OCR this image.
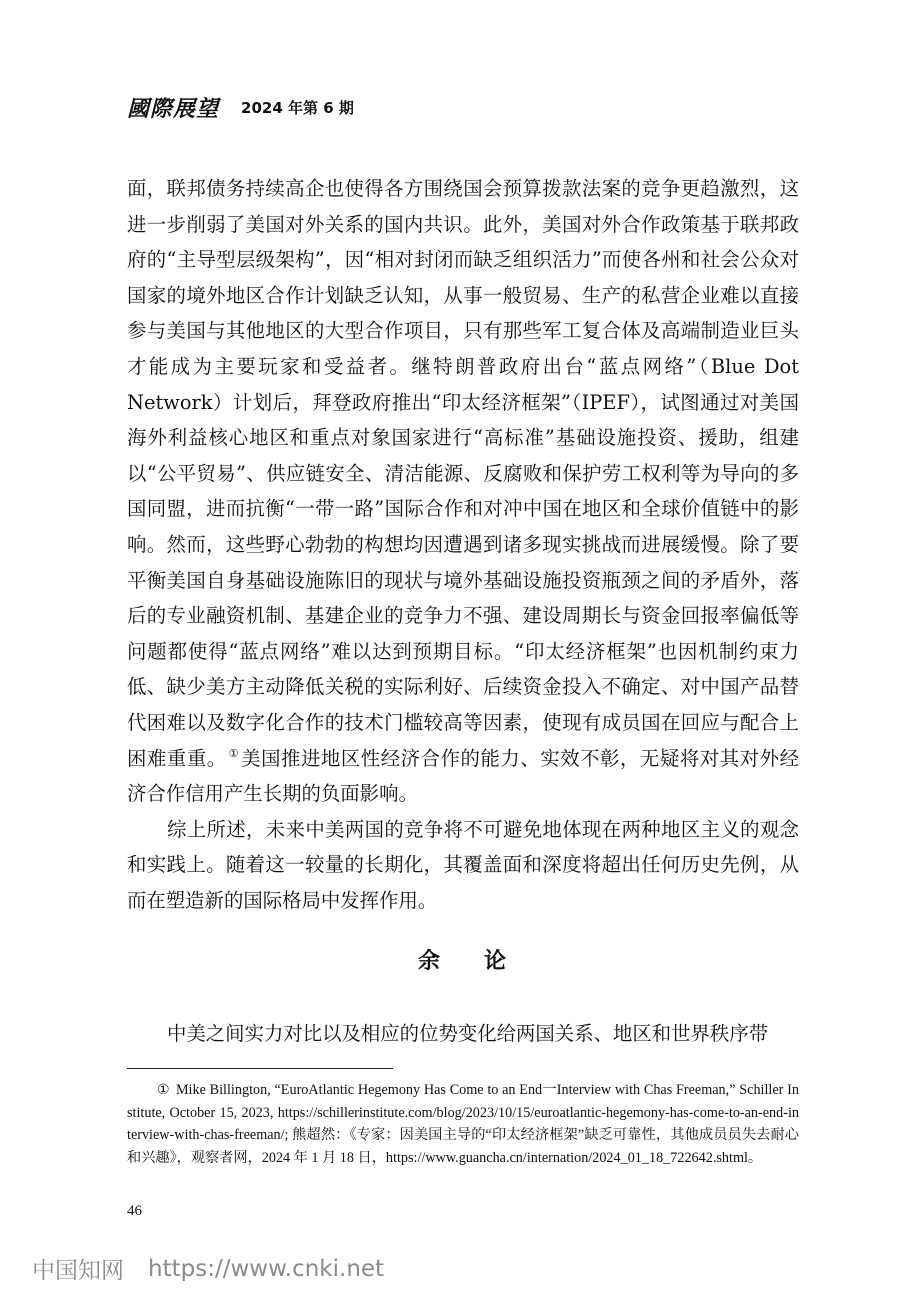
國際展望 2024 年第 6 期

面，联邦债务持续高企也使得各方围绕国会预算拨款法案的竞争更趋激烈，这进一步削弱了美国对外关系的国内共识。此外，美国对外合作政策基于联邦政府的“主导型层级架构”，因“相对封闭而缺乏组织活力”而使各州和社会公众对国家的境外地区合作计划缺乏认知，从事一般贸易、生产的私营企业难以直接参与美国与其他地区的大型合作项目，只有那些军工复合体及高端制造业巨头才能成为主要玩家和受益者。继特朗普政府出台“蓝点网络”（Blue Dot Network）计划后，拜登政府推出“印太经济框架”（IPEF），试图通过对美国海外利益核心地区和重点对象国家进行“高标准”基础设施投资、援助，组建以“公平贸易”、供应链安全、清洁能源、反腐败和保护劳工权利等为导向的多国同盟，进而抗衡“一带一路”国际合作和对冲中国在地区和全球价值链中的影响。然而，这些野心勃勃的构想均因遭遇到诸多现实挑战而进展缓慢。除了要平衡美国自身基础设施陈旧的现状与境外基础设施投资瓶颈之间的矛盾外，落后的专业融资机制、基建企业的竞争力不强、建设周期长与资金回报率偏低等问题都使得“蓝点网络”难以达到预期目标。“印太经济框架”也因机制约束力低、缺少美方主动降低关税的实际利好、后续资金投入不确定、对中国产品替代困难以及数字化合作的技术门槛较高等因素，使现有成员国在回应与配合上困难重重。 ① 美国推进地区性经济合作的能力、实效不彰，无疑将对其对外经济合作信用产生长期的负面影响。

综上所述，未来中美两国的竞争将不可避免地体现在两种地区主义的观念和实践上。随着这一较量的长期化，其覆盖面和深度将超出任何历史先例，从而在塑造新的国际格局中发挥作用。

余论
中美之间实力对比以及相应的位势变化给两国关系、地区和世界秩序带
① Mike Billington, “EuroAtlantic Hegemony Has Come to an End一Interview with Chas Freeman,” Schiller Institute, October 15, 2023, https://schillerinstitute.com/blog/2023/10/15/euroatlantic-hegemony-has-come-to-an-end-interview-with-chas-freeman/; 熊超然：《专家：因美国主导的“印太经济框架”缺乏可靠性，其他成员员失去耐心和兴趣》，观察者网，2024 年 1 月 18 日，https://www.guancha.cn/internation/2024_01_18_722642.shtml。
46
中国知网 https://www.cnki.net
